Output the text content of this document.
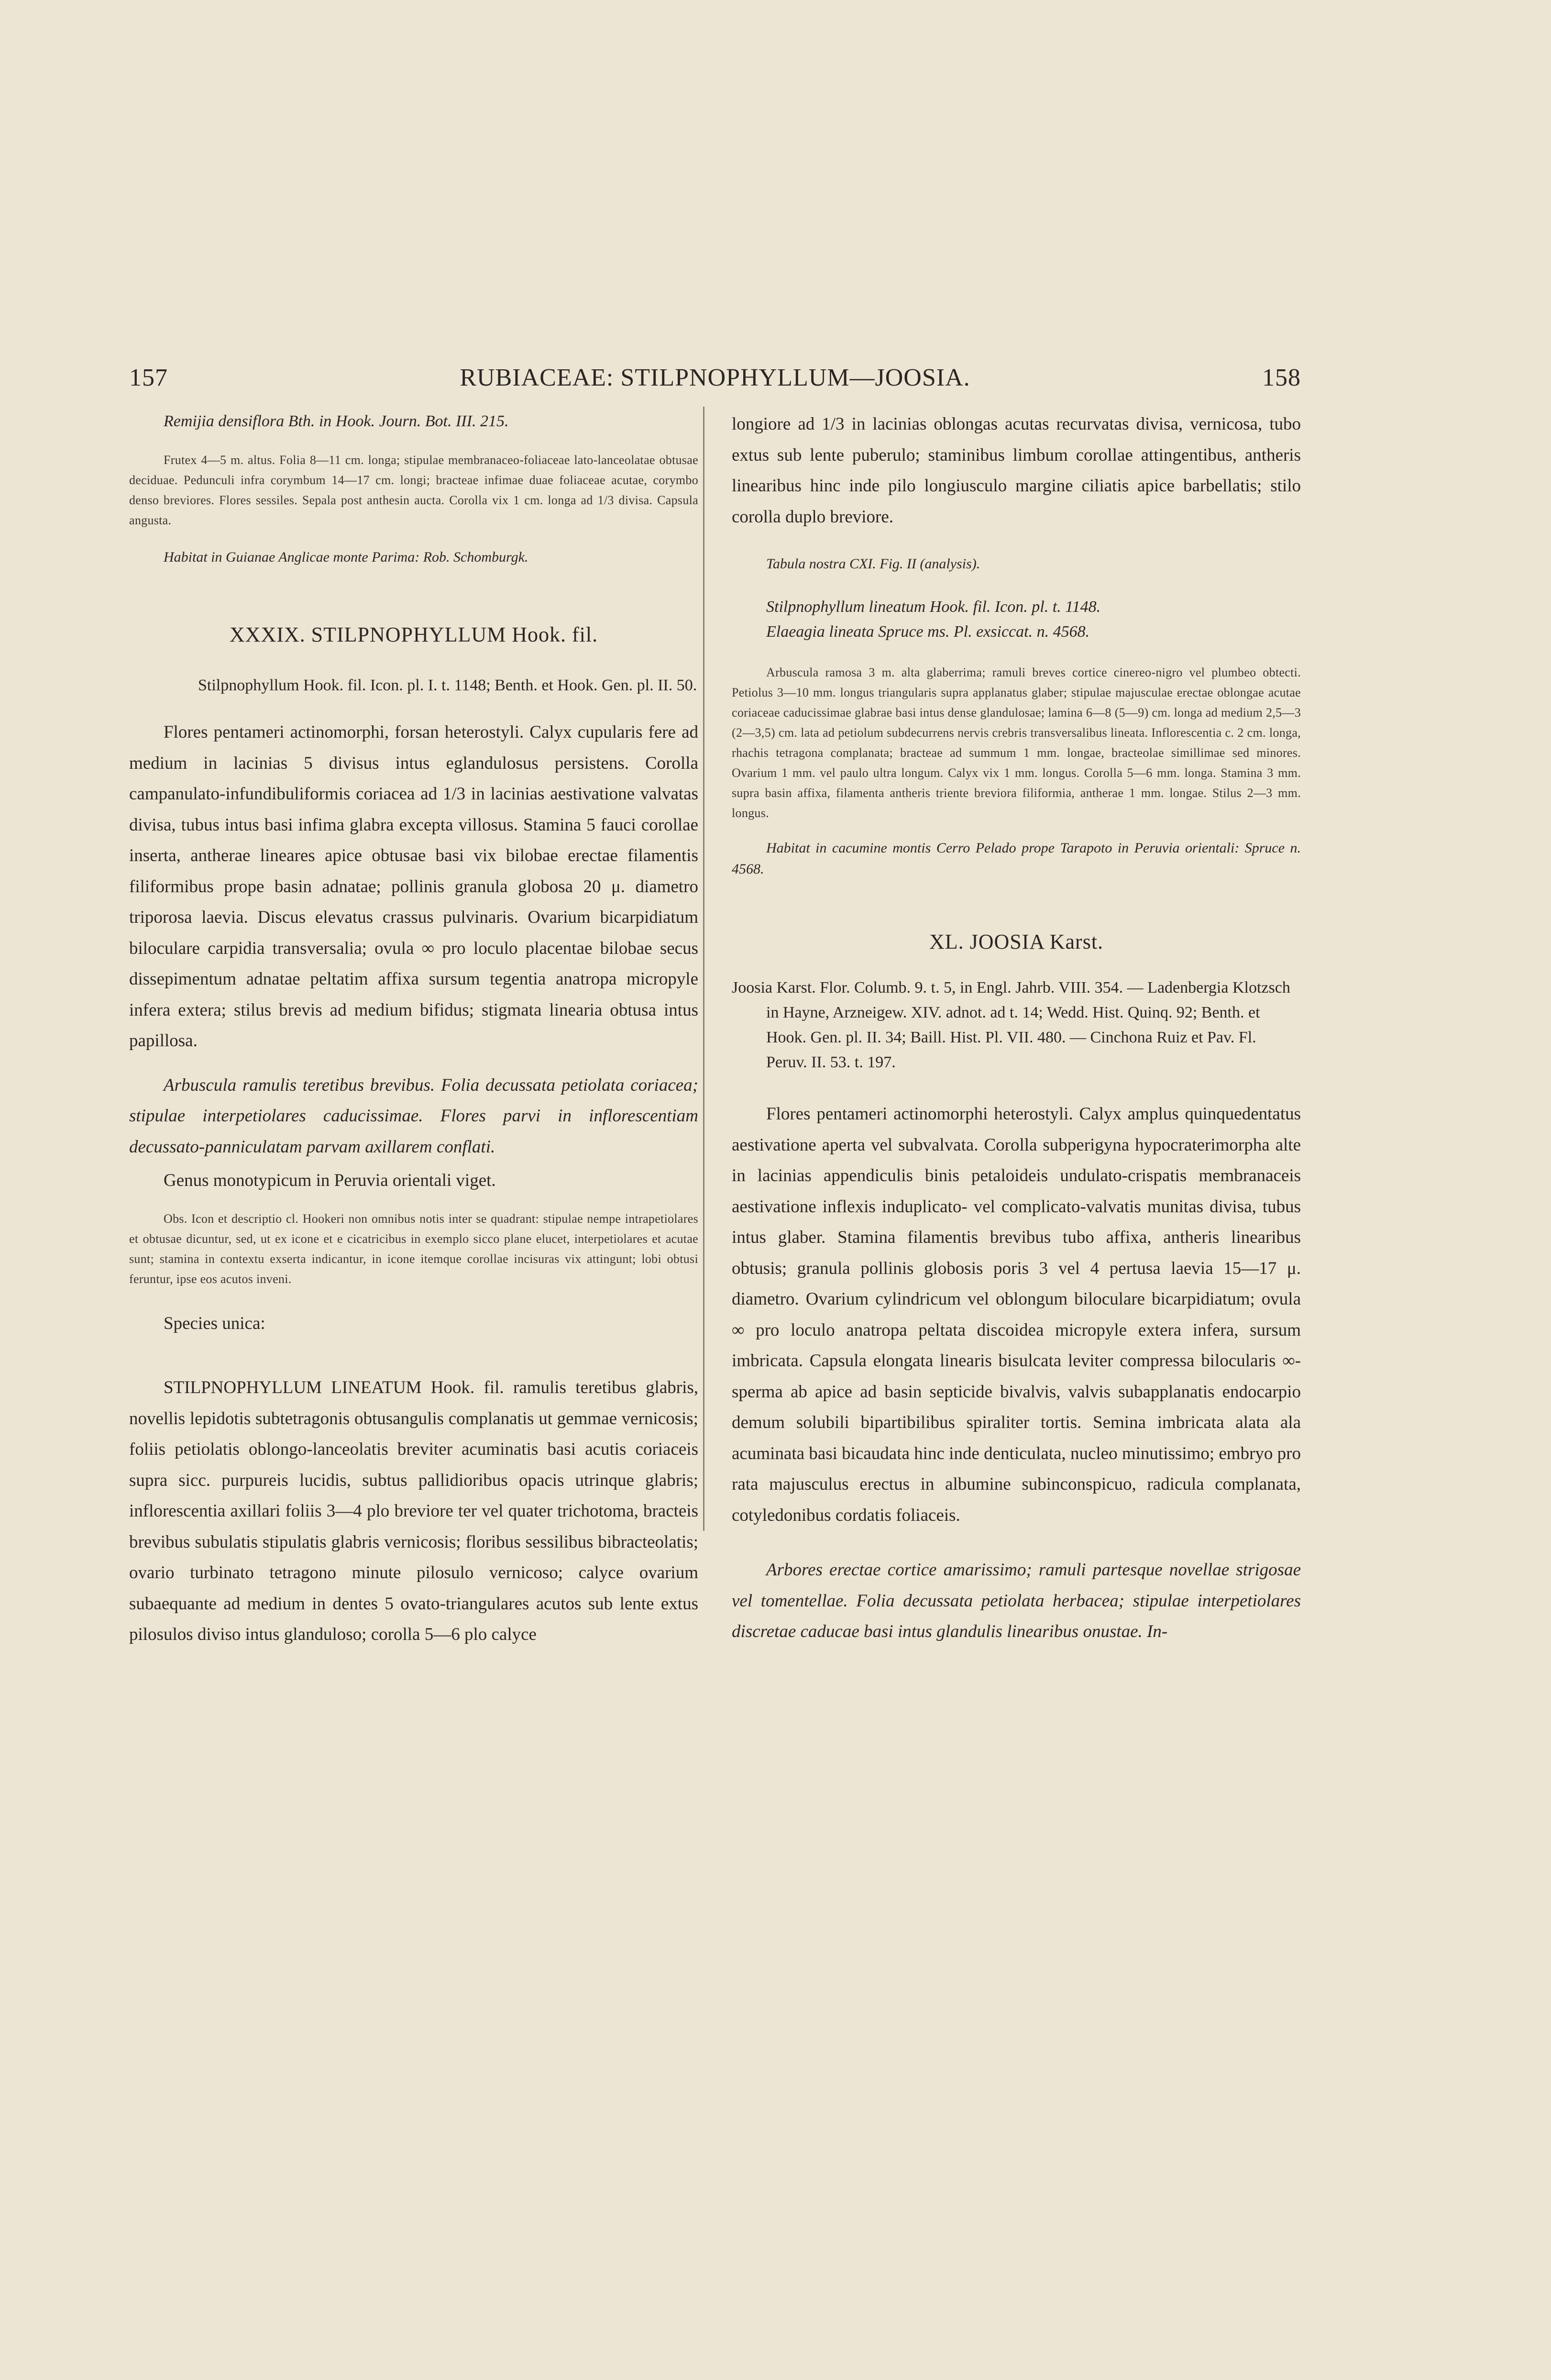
157	RUBIACEAE: STILPNOPHYLLUM—JOOSIA.	158

Remijia densiflora Bth. in Hook. Journ. Bot. III. 215.

Frutex 4—5 m. altus. Folia 8—11 cm. longa; stipulae membranaceo-foliaceae lato-lanceolatae obtusae deciduae. Pedunculi infra corymbum 14—17 cm. longi; bracteae infimae duae foliaceae acutae, corymbo denso breviores. Flores sessiles. Sepala post anthesin aucta. Corolla vix 1 cm. longa ad 1/3 divisa. Capsula angusta.

Habitat in Guianae Anglicae monte Parima: Rob. Schomburgk.

XXXIX. STILPNOPHYLLUM Hook. fil.

Stilpnophyllum Hook. fil. Icon. pl. I. t. 1148; Benth. et Hook. Gen. pl. II. 50.

Flores pentameri actinomorphi, forsan heterostyli. Calyx cupularis fere ad medium in lacinias 5 divisus intus eglandulosus persistens. Corolla campanulato-infundibuliformis coriacea ad 1/3 in lacinias aestivatione valvatas divisa, tubus intus basi infima glabra excepta villosus. Stamina 5 fauci corollae inserta, antherae lineares apice obtusae basi vix bilobae erectae filamentis filiformibus prope basin adnatae; pollinis granula globosa 20 μ. diametro triporosa laevia. Discus elevatus crassus pulvinaris. Ovarium bicarpidiatum biloculare carpidia transversalia; ovula ∞ pro loculo placentae bilobae secus dissepimentum adnatae peltatim affixa sursum tegentia anatropa micropyle infera extera; stilus brevis ad medium bifidus; stigmata linearia obtusa intus papillosa.

Arbuscula ramulis teretibus brevibus. Folia decussata petiolata coriacea; stipulae interpetiolares caducissimae. Flores parvi in inflorescentiam decussato-panniculatam parvam axillarem conflati.

Genus monotypicum in Peruvia orientali viget.

Obs. Icon et descriptio cl. Hookeri non omnibus notis inter se quadrant: stipulae nempe intrapetiolares et obtusae dicuntur, sed, ut ex icone et e cicatricibus in exemplo sicco plane elucet, interpetiolares et acutae sunt; stamina in contextu exserta indicantur, in icone itemque corollae incisuras vix attingunt; lobi obtusi feruntur, ipse eos acutos inveni.

Species unica:

STILPNOPHYLLUM LINEATUM Hook. fil. ramulis teretibus glabris, novellis lepidotis subtetragonis obtusangulis complanatis ut gemmae vernicosis; foliis petiolatis oblongo-lanceolatis breviter acuminatis basi acutis coriaceis supra sicc. purpureis lucidis, subtus pallidioribus opacis utrinque glabris; inflorescentia axillari foliis 3—4 plo breviore ter vel quater trichotoma, bracteis brevibus subulatis stipulatis glabris vernicosis; floribus sessilibus bibracteolatis; ovario turbinato tetragono minute pilosulo vernicoso; calyce ovarium subaequante ad medium in dentes 5 ovato-triangulares acutos sub lente extus pilosulos diviso intus glanduloso; corolla 5—6 plo calyce

longiore ad 1/3 in lacinias oblongas acutas recurvatas divisa, vernicosa, tubo extus sub lente puberulo; staminibus limbum corollae attingentibus, antheris linearibus hinc inde pilo longiusculo margine ciliatis apice barbellatis; stilo corolla duplo breviore.

Tabula nostra CXI. Fig. II (analysis).

Stilpnophyllum lineatum Hook. fil. Icon. pl. t. 1148.

Elaeagia lineata Spruce ms. Pl. exsiccat. n. 4568.

Arbuscula ramosa 3 m. alta glaberrima; ramuli breves cortice cinereo-nigro vel plumbeo obtecti. Petiolus 3—10 mm. longus triangularis supra applanatus glaber; stipulae majusculae erectae oblongae acutae coriaceae caducissimae glabrae basi intus dense glandulosae; lamina 6—8 (5—9) cm. longa ad medium 2,5—3 (2—3,5) cm. lata ad petiolum subdecurrens nervis crebris transversalibus lineata. Inflorescentia c. 2 cm. longa, rhachis tetragona complanata; bracteae ad summum 1 mm. longae, bracteolae simillimae sed minores. Ovarium 1 mm. vel paulo ultra longum. Calyx vix 1 mm. longus. Corolla 5—6 mm. longa. Stamina 3 mm. supra basin affixa, filamenta antheris triente breviora filiformia, antherae 1 mm. longae. Stilus 2—3 mm. longus.

Habitat in cacumine montis Cerro Pelado prope Tarapoto in Peruvia orientali: Spruce n. 4568.

XL. JOOSIA Karst.

Joosia Karst. Flor. Columb. 9. t. 5, in Engl. Jahrb. VIII. 354. — Ladenbergia Klotzsch in Hayne, Arzneigew. XIV. adnot. ad t. 14; Wedd. Hist. Quinq. 92; Benth. et Hook. Gen. pl. II. 34; Baill. Hist. Pl. VII. 480. — Cinchona Ruiz et Pav. Fl. Peruv. II. 53. t. 197.

Flores pentameri actinomorphi heterostyli. Calyx amplus quinquedentatus aestivatione aperta vel subvalvata. Corolla subperigyna hypocraterimorpha alte in lacinias appendiculis binis petaloideis undulato-crispatis membranaceis aestivatione inflexis induplicato- vel complicato-valvatis munitas divisa, tubus intus glaber. Stamina filamentis brevibus tubo affixa, antheris linearibus obtusis; granula pollinis globosis poris 3 vel 4 pertusa laevia 15—17 μ. diametro. Ovarium cylindricum vel oblongum biloculare bicarpidiatum; ovula ∞ pro loculo anatropa peltata discoidea micropyle extera infera, sursum imbricata. Capsula elongata linearis bisulcata leviter compressa bilocularis ∞-sperma ab apice ad basin septicide bivalvis, valvis subapplanatis endocarpio demum solubili bipartibilibus spiraliter tortis. Semina imbricata alata ala acuminata basi bicaudata hinc inde denticulata, nucleo minutissimo; embryo pro rata majusculus erectus in albumine subinconspicuo, radicula complanata, cotyledonibus cordatis foliaceis.

Arbores erectae cortice amarissimo; ramuli partesque novellae strigosae vel tomentellae. Folia decussata petiolata herbacea; stipulae interpetiolares discretae caducae basi intus glandulis linearibus onustae. In-
